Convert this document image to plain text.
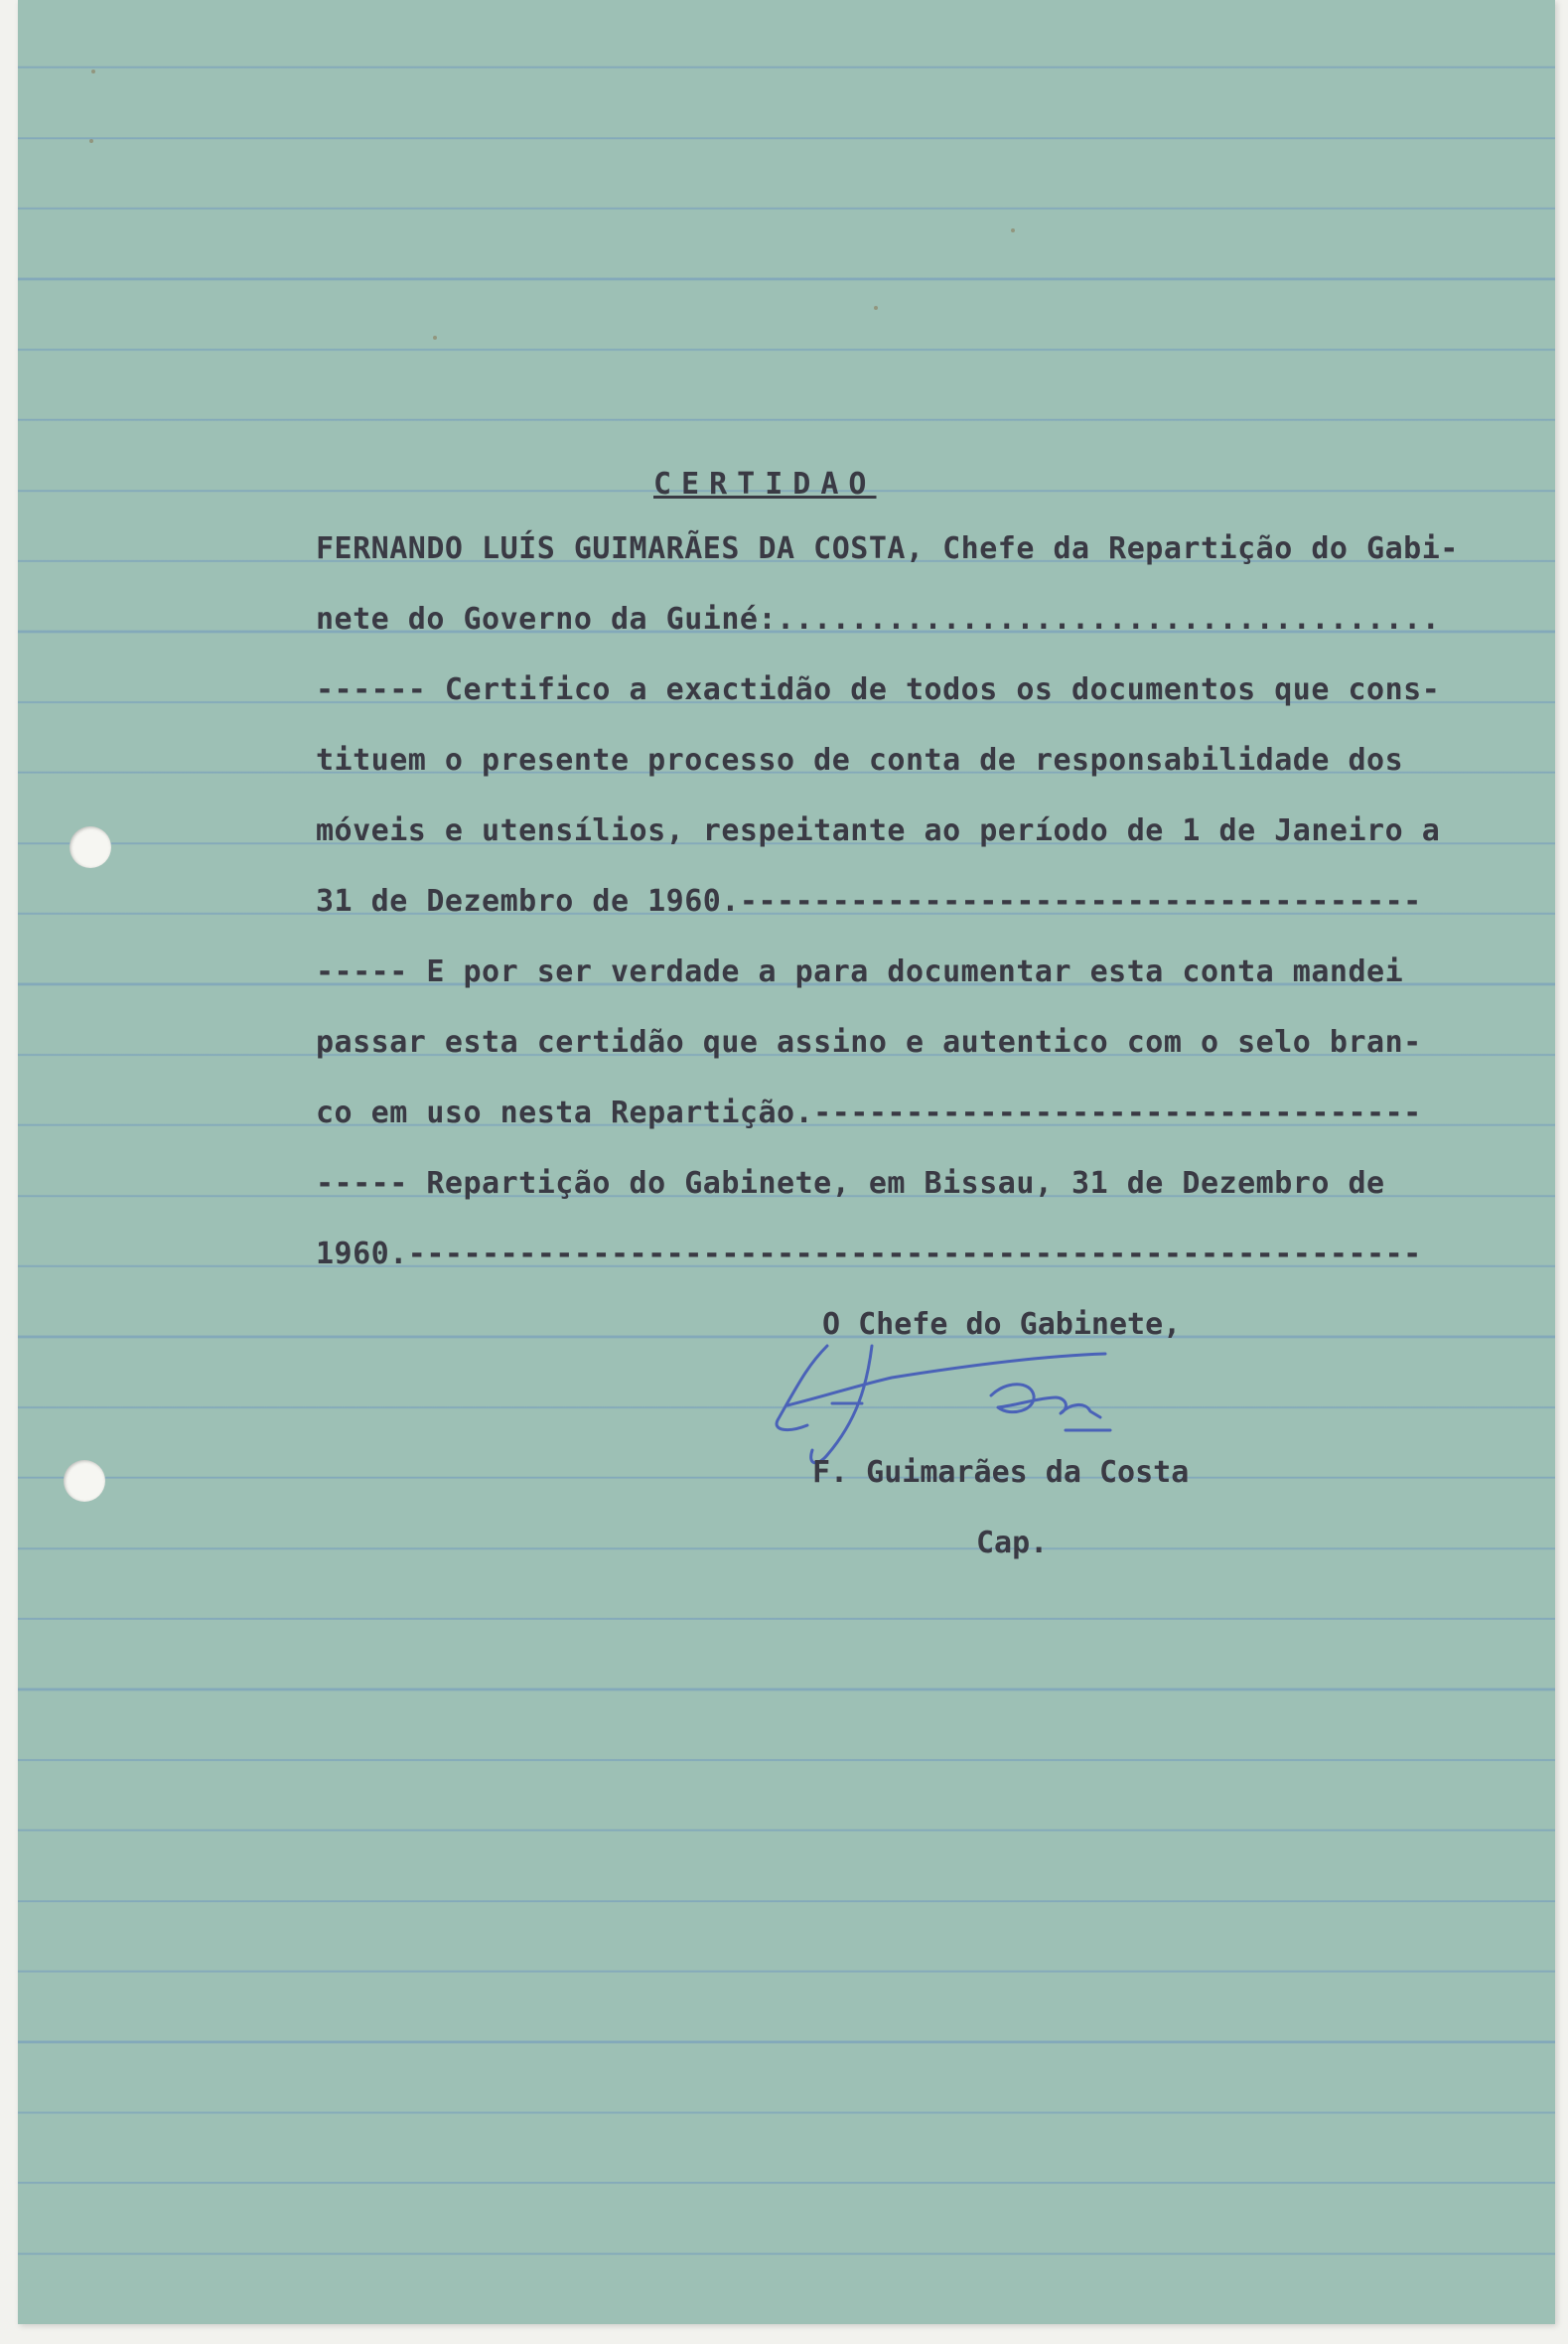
CERTIDAO

FERNANDO LUÍS GUIMARÃES DA COSTA, Chefe da Repartição do Gabi-

nete do Governo da Guiné:....................................

------ Certifico a exactidão de todos os documentos que cons-

tituem o presente processo de conta de responsabilidade dos

móveis e utensílios, respeitante ao período de 1 de Janeiro a

31 de Dezembro de 1960.-------------------------------------

----- E por ser verdade a para documentar esta conta mandei

passar esta certidão que assino e autentico com o selo bran-

co em uso nesta Repartição.---------------------------------

----- Repartição do Gabinete, em Bissau, 31 de Dezembro de

1960.-------------------------------------------------------

O Chefe do Gabinete,

F. Guimarães da Costa

Cap.
